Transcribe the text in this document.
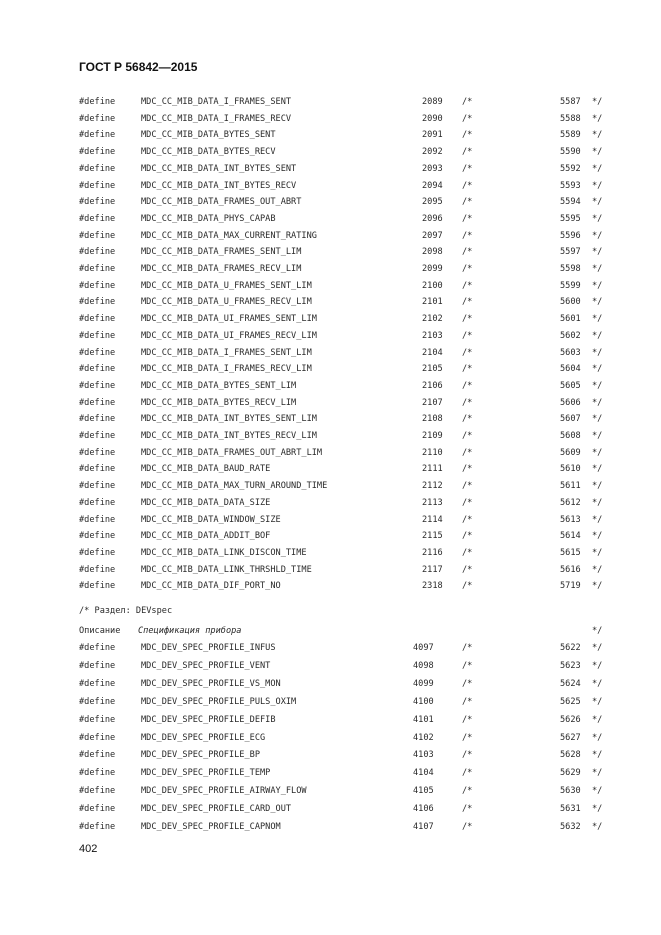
ГОСТ Р 56842—2015
#define	MDC_CC_MIB_DATA_I_FRAMES_SENT	2089 /*	5587 */
#define	MDC_CC_MIB_DATA_I_FRAMES_RECV	2090 /*	5588 */
#define	MDC_CC_MIB_DATA_BYTES_SENT	2091 /*	5589 */
#define	MDC_CC_MIB_DATA_BYTES_RECV	2092 /*	5590 */
#define	MDC_CC_MIB_DATA_INT_BYTES_SENT	2093 /*	5592 */
#define	MDC_CC_MIB_DATA_INT_BYTES_RECV	2094 /*	5593 */
#define	MDC_CC_MIB_DATA_FRAMES_OUT_ABRT	2095 /*	5594 */
#define	MDC_CC_MIB_DATA_PHYS_CAPAB	2096 /*	5595 */
#define	MDC_CC_MIB_DATA_MAX_CURRENT_RATING	2097 /*	5596 */
#define	MDC_CC_MIB_DATA_FRAMES_SENT_LIM	2098 /*	5597 */
#define	MDC_CC_MIB_DATA_FRAMES_RECV_LIM	2099 /*	5598 */
#define	MDC_CC_MIB_DATA_U_FRAMES_SENT_LIM	2100 /*	5599 */
#define	MDC_CC_MIB_DATA_U_FRAMES_RECV_LIM	2101 /*	5600 */
#define	MDC_CC_MIB_DATA_UI_FRAMES_SENT_LIM	2102 /*	5601 */
#define	MDC_CC_MIB_DATA_UI_FRAMES_RECV_LIM	2103 /*	5602 */
#define	MDC_CC_MIB_DATA_I_FRAMES_SENT_LIM	2104 /*	5603 */
#define	MDC_CC_MIB_DATA_I_FRAMES_RECV_LIM	2105 /*	5604 */
#define	MDC_CC_MIB_DATA_BYTES_SENT_LIM	2106 /*	5605 */
#define	MDC_CC_MIB_DATA_BYTES_RECV_LIM	2107 /*	5606 */
#define	MDC_CC_MIB_DATA_INT_BYTES_SENT_LIM	2108 /*	5607 */
#define	MDC_CC_MIB_DATA_INT_BYTES_RECV_LIM	2109 /*	5608 */
#define	MDC_CC_MIB_DATA_FRAMES_OUT_ABRT_LIM	2110 /*	5609 */
#define	MDC_CC_MIB_DATA_BAUD_RATE	2111 /*	5610 */
#define	MDC_CC_MIB_DATA_MAX_TURN_AROUND_TIME	2112 /*	5611 */
#define	MDC_CC_MIB_DATA_DATA_SIZE	2113 /*	5612 */
#define	MDC_CC_MIB_DATA_WINDOW_SIZE	2114 /*	5613 */
#define	MDC_CC_MIB_DATA_ADDIT_BOF	2115 /*	5614 */
#define	MDC_CC_MIB_DATA_LINK_DISCON_TIME	2116 /*	5615 */
#define	MDC_CC_MIB_DATA_LINK_THRSHLD_TIME	2117 /*	5616 */
#define	MDC_CC_MIB_DATA_DIF_PORT_NO	2318 /*	5719 */
/* Раздел: DEVspec

Описание

Спецификация прибора

	*/

#define	MDC_DEV_SPEC_PROFILE_INFUS	4097	/*	5622 */
#define	MDC_DEV_SPEC_PROFILE_VENT	4098	/*	5623 */
#define	MDC_DEV_SPEC_PROFILE_VS_MON	4099	/*	5624 */
#define	MDC_DEV_SPEC_PROFILE_PULS_OXIM	4100	/*	5625 */
#define	MDC_DEV_SPEC_PROFILE_DEFIB	4101	/*	5626 */
#define	MDC_DEV_SPEC_PROFILE_ECG	4102	/*	5627 */
#define	MDC_DEV_SPEC_PROFILE_BP	4103	/*	5628 */
#define	MDC_DEV_SPEC_PROFILE_TEMP	4104	/*	5629 */
#define	MDC_DEV_SPEC_PROFILE_AIRWAY_FLOW	4105	/*	5630 */
#define	MDC_DEV_SPEC_PROFILE_CARD_OUT	4106	/*	5631 */
#define	MDC_DEV_SPEC_PROFILE_CAPNOM	4107	/*	5632 */
402
